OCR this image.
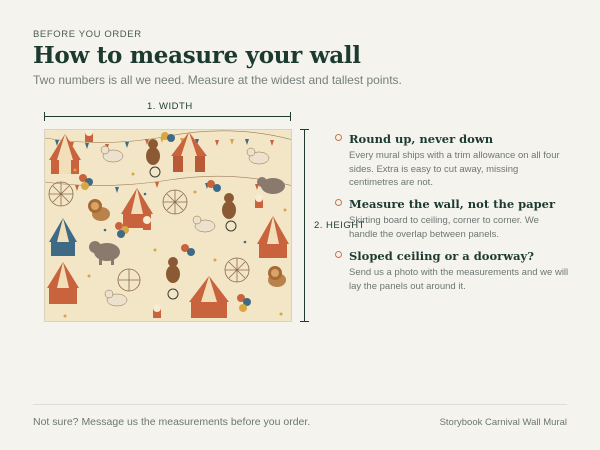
BEFORE YOU ORDER
How to measure your wall

Two numbers is all we need. Measure at the widest and tallest points.

1. WIDTH
2. HEIGHT
Round up, never down
Every mural ships with a trim allowance on all four sides. Extra is easy to cut away, missing centimetres are not.
Measure the wall, not the paper
Skirting board to ceiling, corner to corner. We handle the overlap between panels.
Sloped ceiling or a doorway?
Send us a photo with the measurements and we will lay the panels out around it.
Not sure? Message us the measurements before you order.	Storybook Carnival Wall Mural
